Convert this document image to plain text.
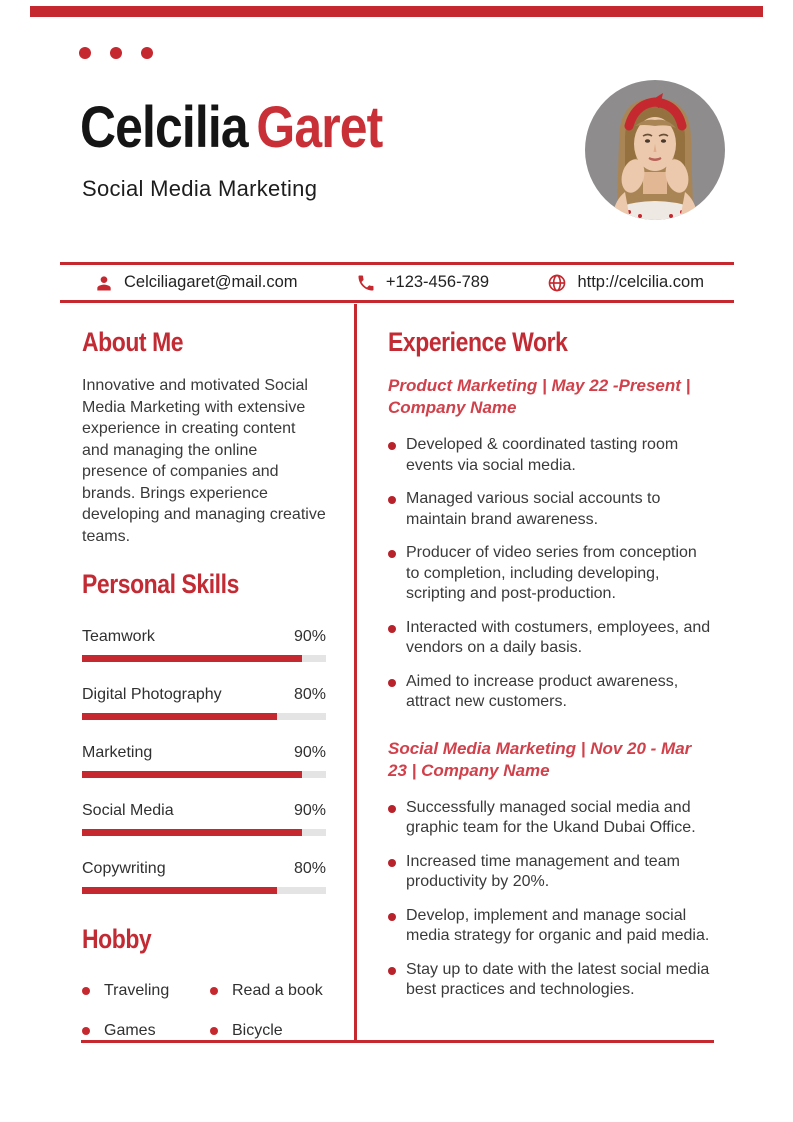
Celcilia Garet
Social Media Marketing
Celciliagaret@mail.com	+123-456-789	http://celcilia.com
About Me

Innovative and motivated Social Media Marketing with extensive experience in creating content and managing the online presence of companies and brands. Brings experience developing and managing creative teams.

Personal Skills
Teamwork	90%
Digital Photography	80%
Marketing	90%
Social Media	90%
Copywriting	80%
Hobby
Traveling	Read a book
Games	Bicycle
Experience Work
Product Marketing | May 22 -Present | Company Name
Developed & coordinated tasting room events via social media.
Managed various social accounts to maintain brand awareness.
Producer of video series from conception to completion, including developing, scripting and post-production.
Interacted with costumers, employees, and vendors on a daily basis.
Aimed to increase product awareness, attract new customers.
Social Media Marketing | Nov 20 - Mar 23 | Company Name
Successfully managed social media and graphic team for the Ukand Dubai Office.
Increased time management and team productivity by 20%.
Develop, implement and manage social media strategy for organic and paid media.
Stay up to date with the latest social media best practices and technologies.
